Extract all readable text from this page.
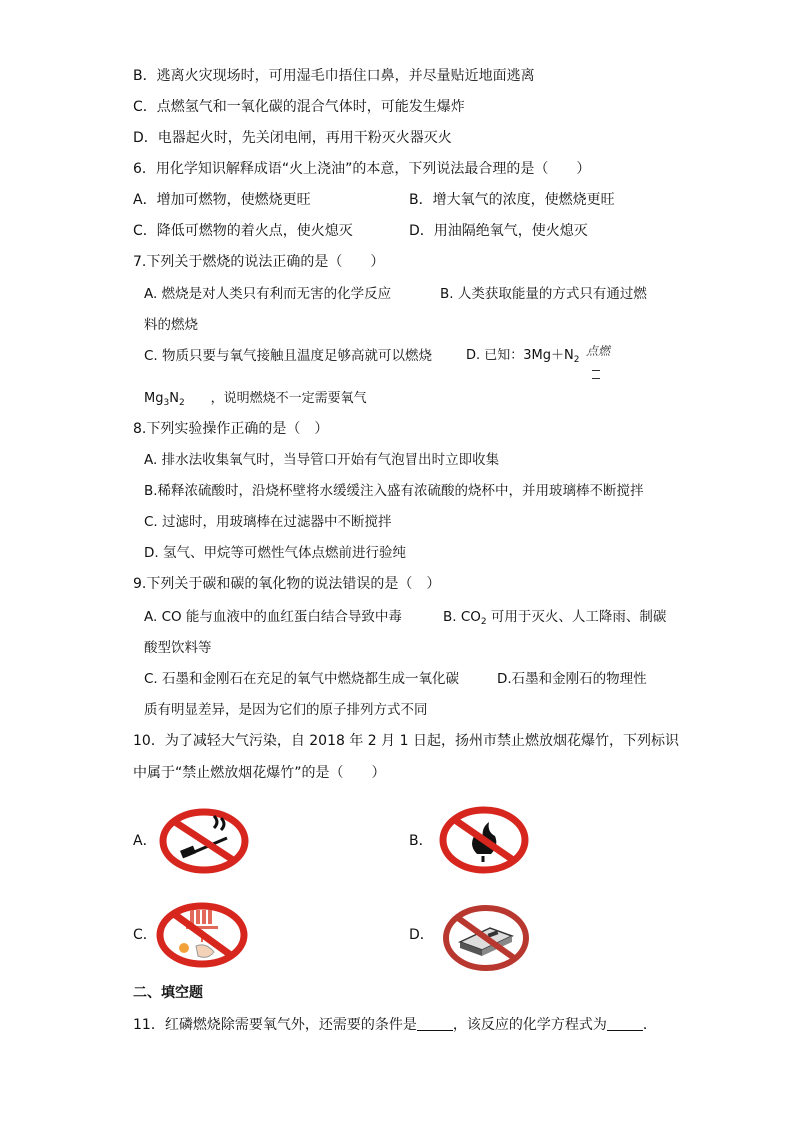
B．逃离火灾现场时，可用湿毛巾捂住口鼻，并尽量贴近地面逃离
C．点燃氢气和一氧化碳的混合气体时，可能发生爆炸
D．电器起火时，先关闭电闸，再用干粉灭火器灭火
6．用化学知识解释成语“火上浇油”的本意，下列说法最合理的是（　　）
A．增加可燃物，使燃烧更旺	B．增大氧气的浓度，使燃烧更旺
C．降低可燃物的着火点，使火熄灭	D．用油隔绝氧气，使火熄灭
7.下列关于燃烧的说法正确的是（　　）
A. 燃烧是对人类只有利而无害的化学反应	B. 人类获取能量的方式只有通过燃
料的燃烧
C. 物质只要与氧气接触且温度足够高就可以燃烧	D. 已知：$3Mg+N_2$
点燃
$Mg_3N_2$ ，说明燃烧不一定需要氧气
8.下列实验操作正确的是（　）
A. 排水法收集氧气时，当导管口开始有气泡冒出时立即收集
B.稀释浓硫酸时，沿烧杯壁将水缓缓注入盛有浓硫酸的烧杯中，并用玻璃棒不断搅拌
C. 过滤时，用玻璃棒在过滤器中不断搅拌
D. 氢气、甲烷等可燃性气体点燃前进行验纯
9.下列关于碳和碳的氧化物的说法错误的是（　）
A. CO 能与血液中的血红蛋白结合导致中毒	B. $CO_2$ 可用于灭火、人工降雨、制碳
酸型饮料等
C. 石墨和金刚石在充足的氧气中燃烧都生成一氧化碳	D.石墨和金刚石的物理性
质有明显差异，是因为它们的原子排列方式不同
10．为了减轻大气污染，自 2018 年 2 月 1 日起，扬州市禁止燃放烟花爆竹，下列标识
中属于“禁止燃放烟花爆竹”的是（　　）
A．	B．
C．	D．
二、填空题
11．红磷燃烧除需要氧气外，还需要的条件是	，该反应的化学方程式为	．
